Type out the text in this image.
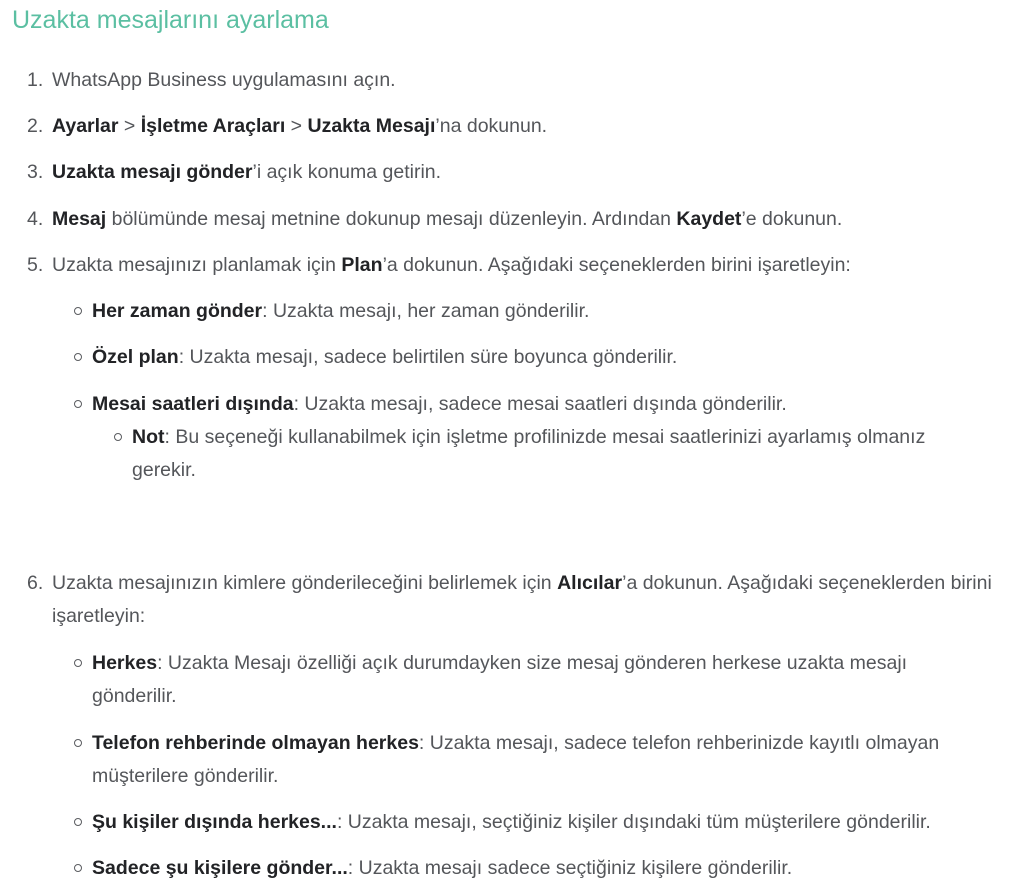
Uzakta mesajlarını ayarlama
1. WhatsApp Business uygulamasını açın.
2. Ayarlar > İşletme Araçları > Uzakta Mesajı’na dokunun.
3. Uzakta mesajı gönder’i açık konuma getirin.
4. Mesaj bölümünde mesaj metnine dokunup mesajı düzenleyin. Ardından Kaydet’e dokunun.
5. Uzakta mesajınızı planlamak için Plan’a dokunun. Aşağıdaki seçeneklerden birini işaretleyin:
Her zaman gönder: Uzakta mesajı, her zaman gönderilir.
Özel plan: Uzakta mesajı, sadece belirtilen süre boyunca gönderilir.
Mesai saatleri dışında: Uzakta mesajı, sadece mesai saatleri dışında gönderilir.
Not: Bu seçeneği kullanabilmek için işletme profilinizde mesai saatlerinizi ayarlamış olmanız gerekir.
6. Uzakta mesajınızın kimlere gönderileceğini belirlemek için Alıcılar’a dokunun. Aşağıdaki seçeneklerden birini işaretleyin:
Herkes: Uzakta Mesajı özelliği açık durumdayken size mesaj gönderen herkese uzakta mesajı gönderilir.
Telefon rehberinde olmayan herkes: Uzakta mesajı, sadece telefon rehberinizde kayıtlı olmayan müşterilere gönderilir.
Şu kişiler dışında herkes...: Uzakta mesajı, seçtiğiniz kişiler dışındaki tüm müşterilere gönderilir.
Sadece şu kişilere gönder...: Uzakta mesajı sadece seçtiğiniz kişilere gönderilir.
